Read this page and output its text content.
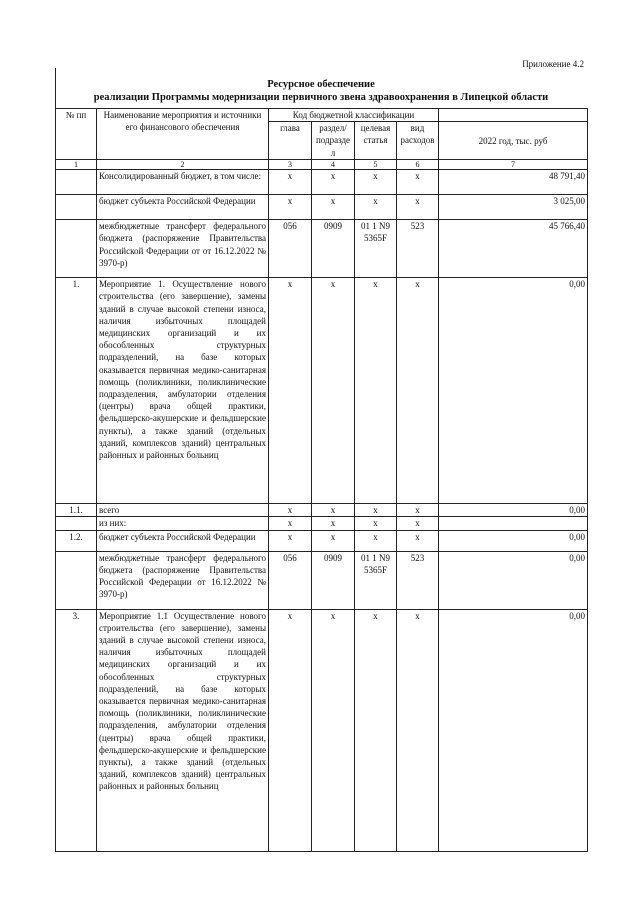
Приложение 4.2
Ресурсное обеспечение
реализации Программы модернизации первичного звена здравоохранения в Липецкой области
№ пп	Наименование мероприятия и источники его финансового обеспечения	Код бюджетной классификации				
		глава	раздел/ подразде л	целевая статья	вид расходов	2022 год, тыс. руб
1	2	3	4	5	6	7
	Консолидированный бюджет, в том числе:	х	х	х	х	48 791,40
	бюджет субъекта Российской Федерации	х	х	х	х	3 025,00
	межбюджетные трансферт федерального бюджета (распоряжение Правительства Российской Федерации от от 16.12.2022 № 3970-р)	056	0909	01 1 N9 5365F	523	45 766,40
1.	Мероприятие 1. Осуществление нового строительства (его завершение), замены зданий в случае высокой степени износа, наличия избыточных площадей медицинских организаций и их обособленных структурных подразделений, на базе которых оказывается первичная медико-санитарная помощь (поликлиники, поликлинические подразделения, амбулатории отделения (центры) врача общей практики, фельдшерско-акушерские и фельдшерские пункты), а также зданий (отдельных зданий, комплексов зданий) центральных районных и районных больниц	х	х	х	х	0,00
1.1.	всего	х	х	х	х	0,00
	из них:	х	х	х	х	
1.2.	бюджет субъекта Российской Федерации	х	х	х	х	0,00
	межбюджетные трансферт федерального бюджета (распоряжение Правительства Российской Федерации от 16.12.2022 № 3970-р)	056	0909	01 1 N9 5365F	523	0,00
3.	Мероприятие 1.1 Осуществление нового строительства (его завершение), замены зданий в случае высокой степени износа, наличия избыточных площадей медицинских организаций и их обособленных структурных подразделений, на базе которых оказывается первичная медико-санитарная помощь (поликлиники, поликлинические подразделения, амбулатории отделения (центры) врача общей практики, фельдшерско-акушерские и фельдшерские пункты), а также зданий (отдельных зданий, комплексов зданий) центральных районных и районных больниц	х	х	х	х	0,00
